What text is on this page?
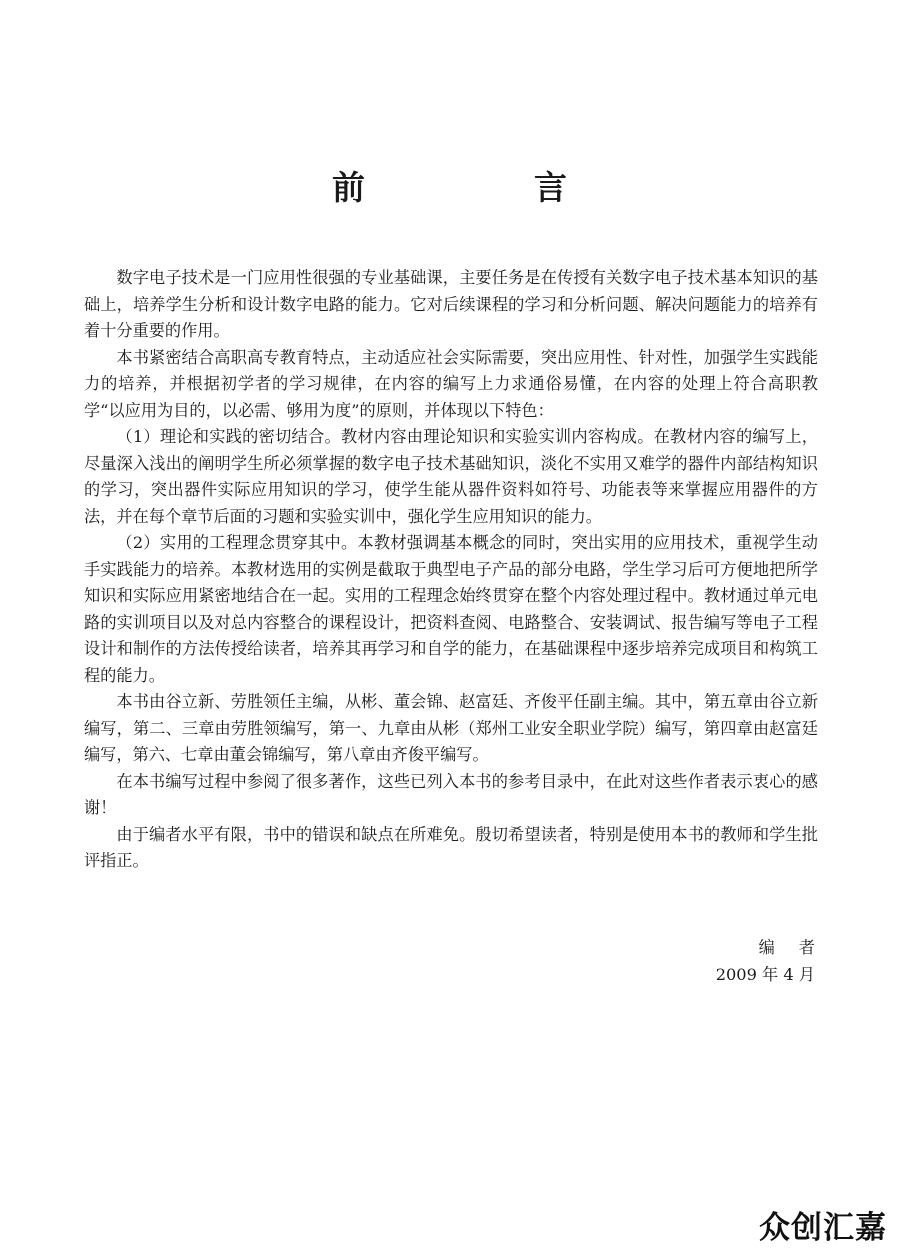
前　言

数字电子技术是一门应用性很强的专业基础课，主要任务是在传授有关数字电子技术基本知识的基础上，培养学生分析和设计数字电路的能力。它对后续课程的学习和分析问题、解决问题能力的培养有着十分重要的作用。

本书紧密结合高职高专教育特点，主动适应社会实际需要，突出应用性、针对性，加强学生实践能力的培养，并根据初学者的学习规律，在内容的编写上力求通俗易懂，在内容的处理上符合高职教学“以应用为目的，以必需、够用为度”的原则，并体现以下特色：

（1）理论和实践的密切结合。教材内容由理论知识和实验实训内容构成。在教材内容的编写上，尽量深入浅出的阐明学生所必须掌握的数字电子技术基础知识，淡化不实用又难学的器件内部结构知识的学习，突出器件实际应用知识的学习，使学生能从器件资料如符号、功能表等来掌握应用器件的方法，并在每个章节后面的习题和实验实训中，强化学生应用知识的能力。

（2）实用的工程理念贯穿其中。本教材强调基本概念的同时，突出实用的应用技术，重视学生动手实践能力的培养。本教材选用的实例是截取于典型电子产品的部分电路，学生学习后可方便地把所学知识和实际应用紧密地结合在一起。实用的工程理念始终贯穿在整个内容处理过程中。教材通过单元电路的实训项目以及对总内容整合的课程设计，把资料查阅、电路整合、安装调试、报告编写等电子工程设计和制作的方法传授给读者，培养其再学习和自学的能力，在基础课程中逐步培养完成项目和构筑工程的能力。

本书由谷立新、劳胜领任主编，从彬、董会锦、赵富廷、齐俊平任副主编。其中，第五章由谷立新编写，第二、三章由劳胜领编写，第一、九章由从彬（郑州工业安全职业学院）编写，第四章由赵富廷编写，第六、七章由董会锦编写，第八章由齐俊平编写。

在本书编写过程中参阅了很多著作，这些已列入本书的参考目录中，在此对这些作者表示衷心的感谢！

由于编者水平有限，书中的错误和缺点在所难免。殷切希望读者，特别是使用本书的教师和学生批评指正。

编者
2009 年 4 月
众创汇嘉
